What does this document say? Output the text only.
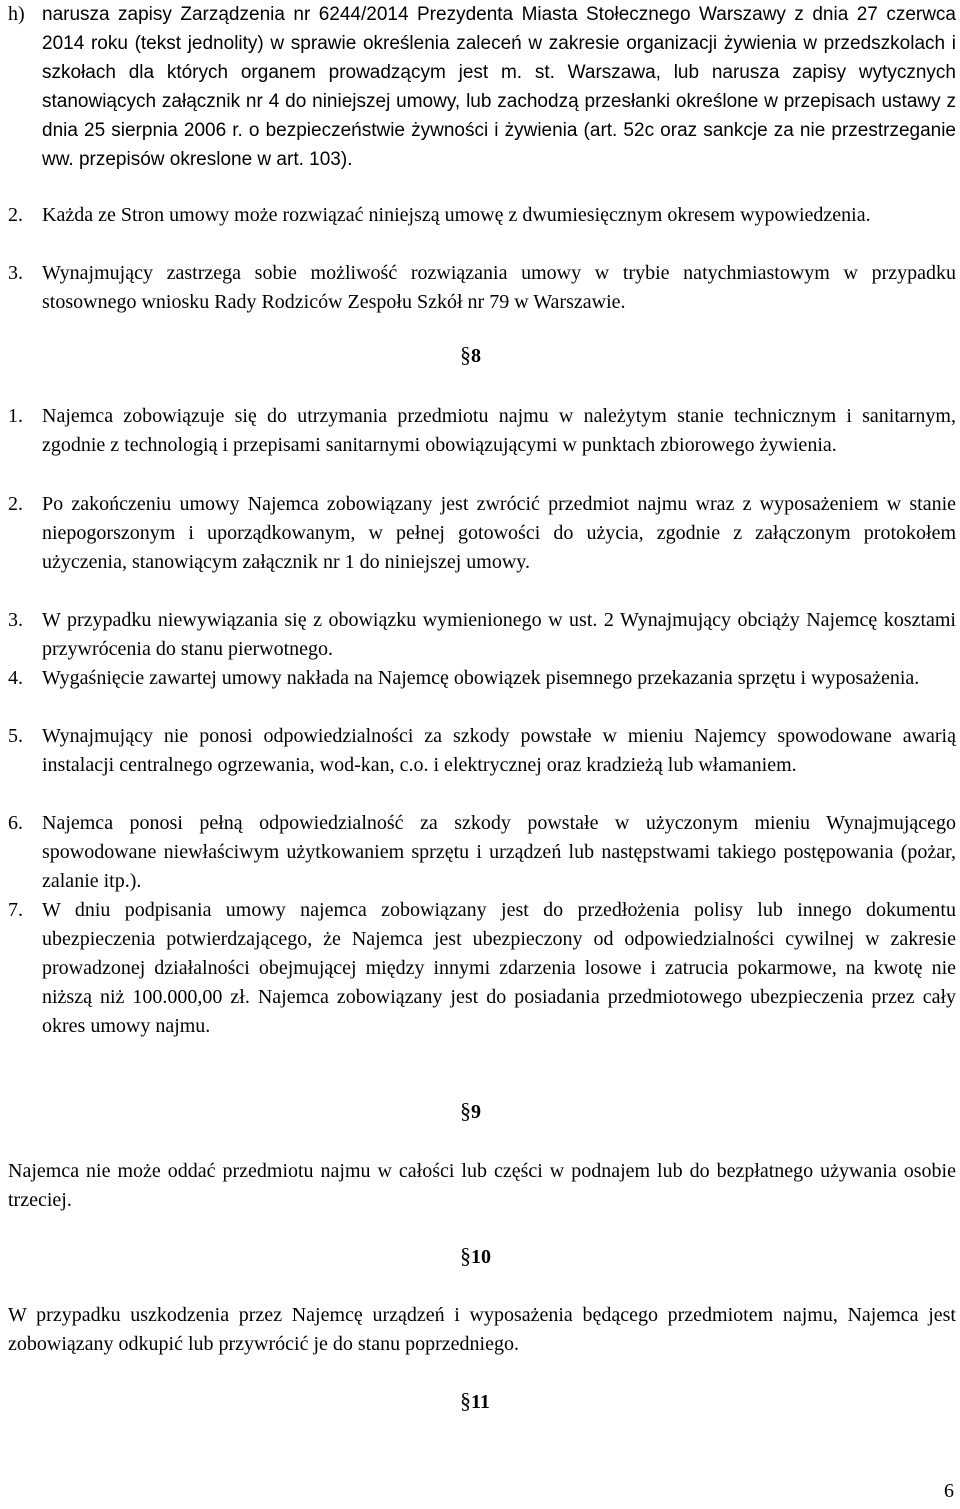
h) narusza zapisy Zarządzenia nr 6244/2014 Prezydenta Miasta Stołecznego Warszawy z dnia 27 czerwca 2014 roku (tekst jednolity) w sprawie określenia zaleceń w zakresie organizacji żywienia w przedszkolach i szkołach dla których organem prowadzącym jest m. st. Warszawa, lub narusza zapisy wytycznych stanowiących załącznik nr 4 do niniejszej umowy, lub zachodzą przesłanki określone w przepisach ustawy z dnia 25 sierpnia 2006 r. o bezpieczeństwie żywności i żywienia (art. 52c oraz sankcje za nie przestrzeganie ww. przepisów okreslone w art. 103).
2. Każda ze Stron umowy może rozwiązać niniejszą umowę z dwumiesięcznym okresem wypowiedzenia.
3. Wynajmujący zastrzega sobie możliwość rozwiązania umowy w trybie natychmiastowym w przypadku stosownego wniosku Rady Rodziców Zespołu Szkół nr 79 w Warszawie.
§8
1. Najemca zobowiązuje się do utrzymania przedmiotu najmu w należytym stanie technicznym i sanitarnym, zgodnie z technologią i przepisami sanitarnymi obowiązującymi w punktach zbiorowego żywienia.
2. Po zakończeniu umowy Najemca zobowiązany jest zwrócić przedmiot najmu wraz z wyposażeniem w stanie niepogorszonym i uporządkowanym, w pełnej gotowości do użycia, zgodnie z załączonym protokołem użyczenia, stanowiącym załącznik nr 1 do niniejszej umowy.
3. W przypadku niewywiązania się z obowiązku wymienionego w ust. 2 Wynajmujący obciąży Najemcę kosztami przywrócenia do stanu pierwotnego.
4. Wygaśnięcie zawartej umowy nakłada na Najemcę obowiązek pisemnego przekazania sprzętu i wyposażenia.
5. Wynajmujący nie ponosi odpowiedzialności za szkody powstałe w mieniu Najemcy spowodowane awarią instalacji centralnego ogrzewania, wod-kan, c.o. i elektrycznej oraz kradzieżą lub włamaniem.
6. Najemca ponosi pełną odpowiedzialność za szkody powstałe w użyczonym mieniu Wynajmującego spowodowane niewłaściwym użytkowaniem sprzętu i urządzeń lub następstwami takiego postępowania (pożar, zalanie itp.).
7. W dniu podpisania umowy najemca zobowiązany jest do przedłożenia polisy lub innego dokumentu ubezpieczenia potwierdzającego, że Najemca jest ubezpieczony od odpowiedzialności cywilnej w zakresie prowadzonej działalności obejmującej między innymi zdarzenia losowe i zatrucia pokarmowe, na kwotę nie niższą niż 100.000,00 zł. Najemca zobowiązany jest do posiadania przedmiotowego ubezpieczenia przez cały okres umowy najmu.
§9
Najemca nie może oddać przedmiotu najmu w całości lub części w podnajem lub do bezpłatnego używania osobie trzeciej.
§10
W przypadku uszkodzenia przez Najemcę urządzeń i wyposażenia będącego przedmiotem najmu, Najemca jest zobowiązany odkupić lub przywrócić je do stanu poprzedniego.
§11
6
